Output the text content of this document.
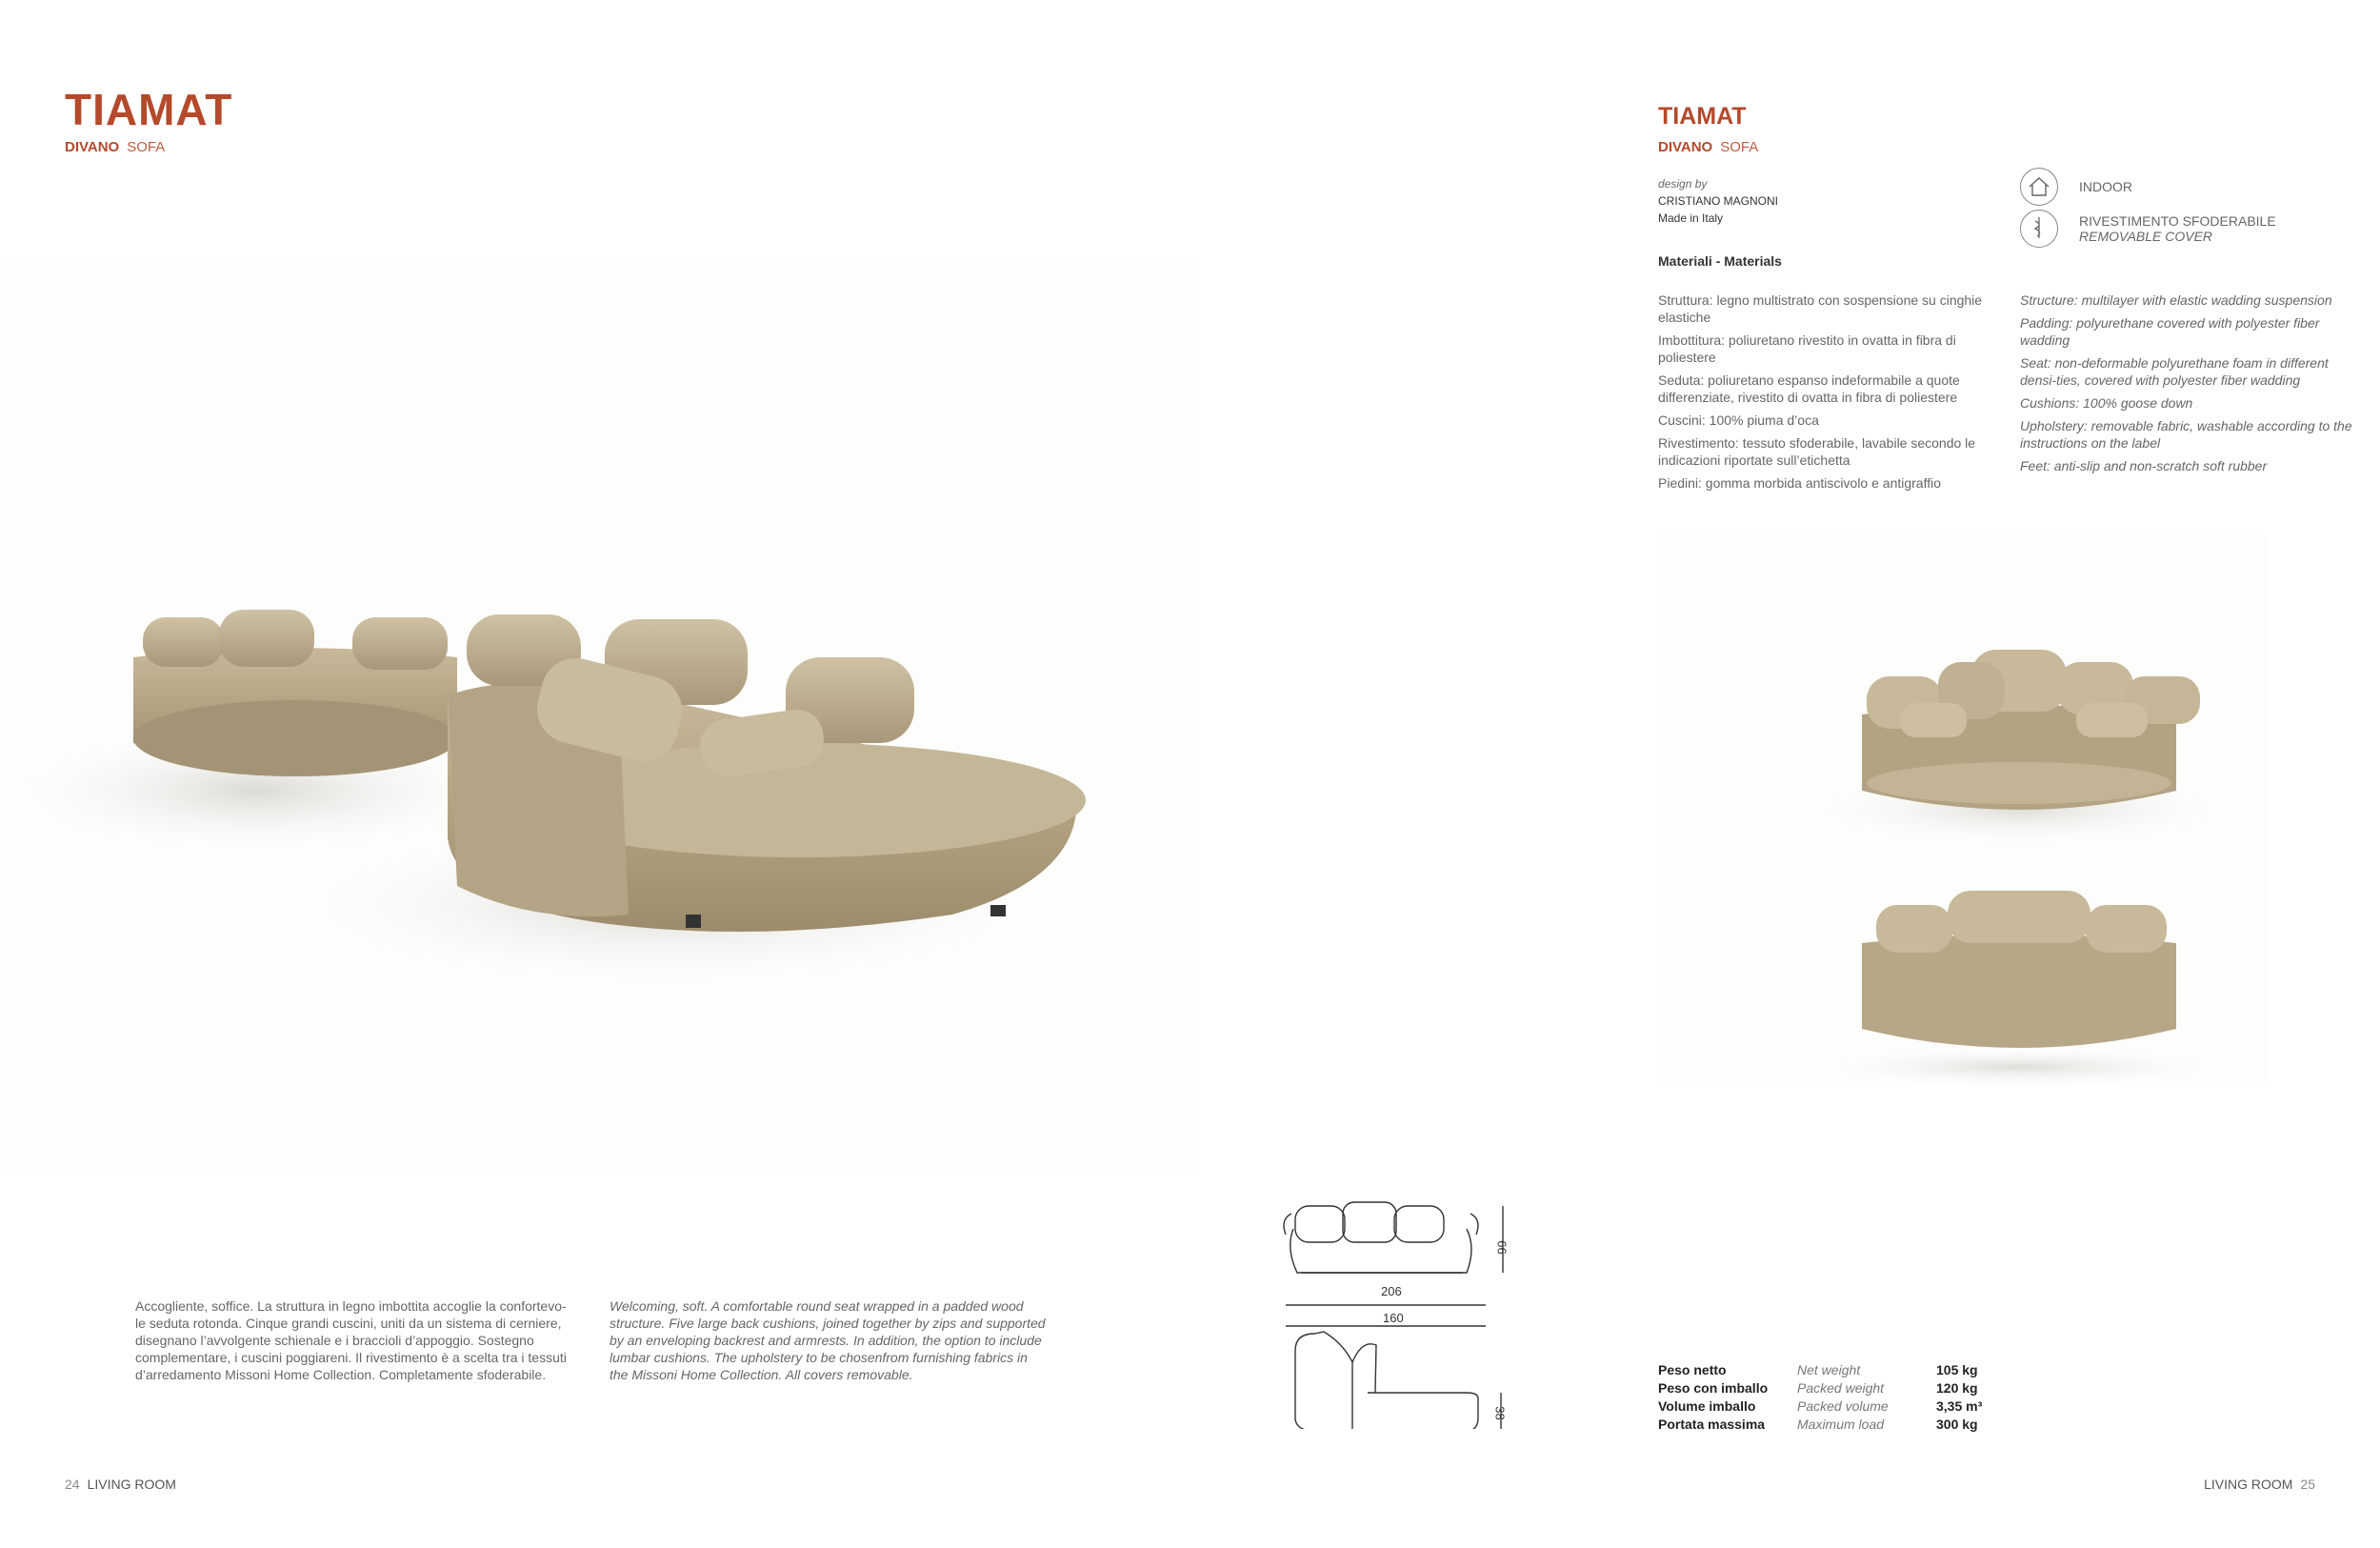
TIAMAT
DIVANO SOFA
Accogliente, soffice. La struttura in legno imbottita accoglie la confortevo-le seduta rotonda. Cinque grandi cuscini, uniti da un sistema di cerniere, disegnano l’avvolgente schienale e i braccioli d’appoggio. Sostegno complementare, i cuscini poggiareni. Il rivestimento è a scelta tra i tessuti d’arredamento Missoni Home Collection. Completamente sfoderabile.
Welcoming, soft. A comfortable round seat wrapped in a padded wood structure. Five large back cushions, joined together by zips and supported by an enveloping backrest and armrests. In addition, the option to include lumbar cushions. The upholstery to be chosenfrom furnishing fabrics in the Missoni Home Collection. All covers removable.
66
206
160
38
24 LIVING ROOM
TIAMAT
DIVANO SOFA
design by
CRISTIANO MAGNONI
Made in Italy
INDOOR
RIVESTIMENTO SFODERABILE
REMOVABLE COVER
Materiali - Materials
Struttura: legno multistrato con sospensione su cinghie elastiche
Imbottitura: poliuretano rivestito in ovatta in fibra di poliestere
Seduta: poliuretano espanso indeformabile a quote differenziate, rivestito di ovatta in fibra di poliestere
Cuscini: 100% piuma d’oca
Rivestimento: tessuto sfoderabile, lavabile secondo le indicazioni riportate sull’etichetta
Piedini: gomma morbida antiscivolo e antigraffio
Structure: multilayer with elastic wadding suspension
Padding: polyurethane covered with polyester fiber wadding
Seat: non-deformable polyurethane foam in different densi-ties, covered with polyester fiber wadding
Cushions: 100% goose down
Upholstery: removable fabric, washable according to the instructions on the label
Feet: anti-slip and non-scratch soft rubber
Peso netto	Net weight	105 kg
Peso con imballo	Packed weight	120 kg
Volume imballo	Packed volume	3,35 m³
Portata massima	Maximum load	300 kg
LIVING ROOM 25
